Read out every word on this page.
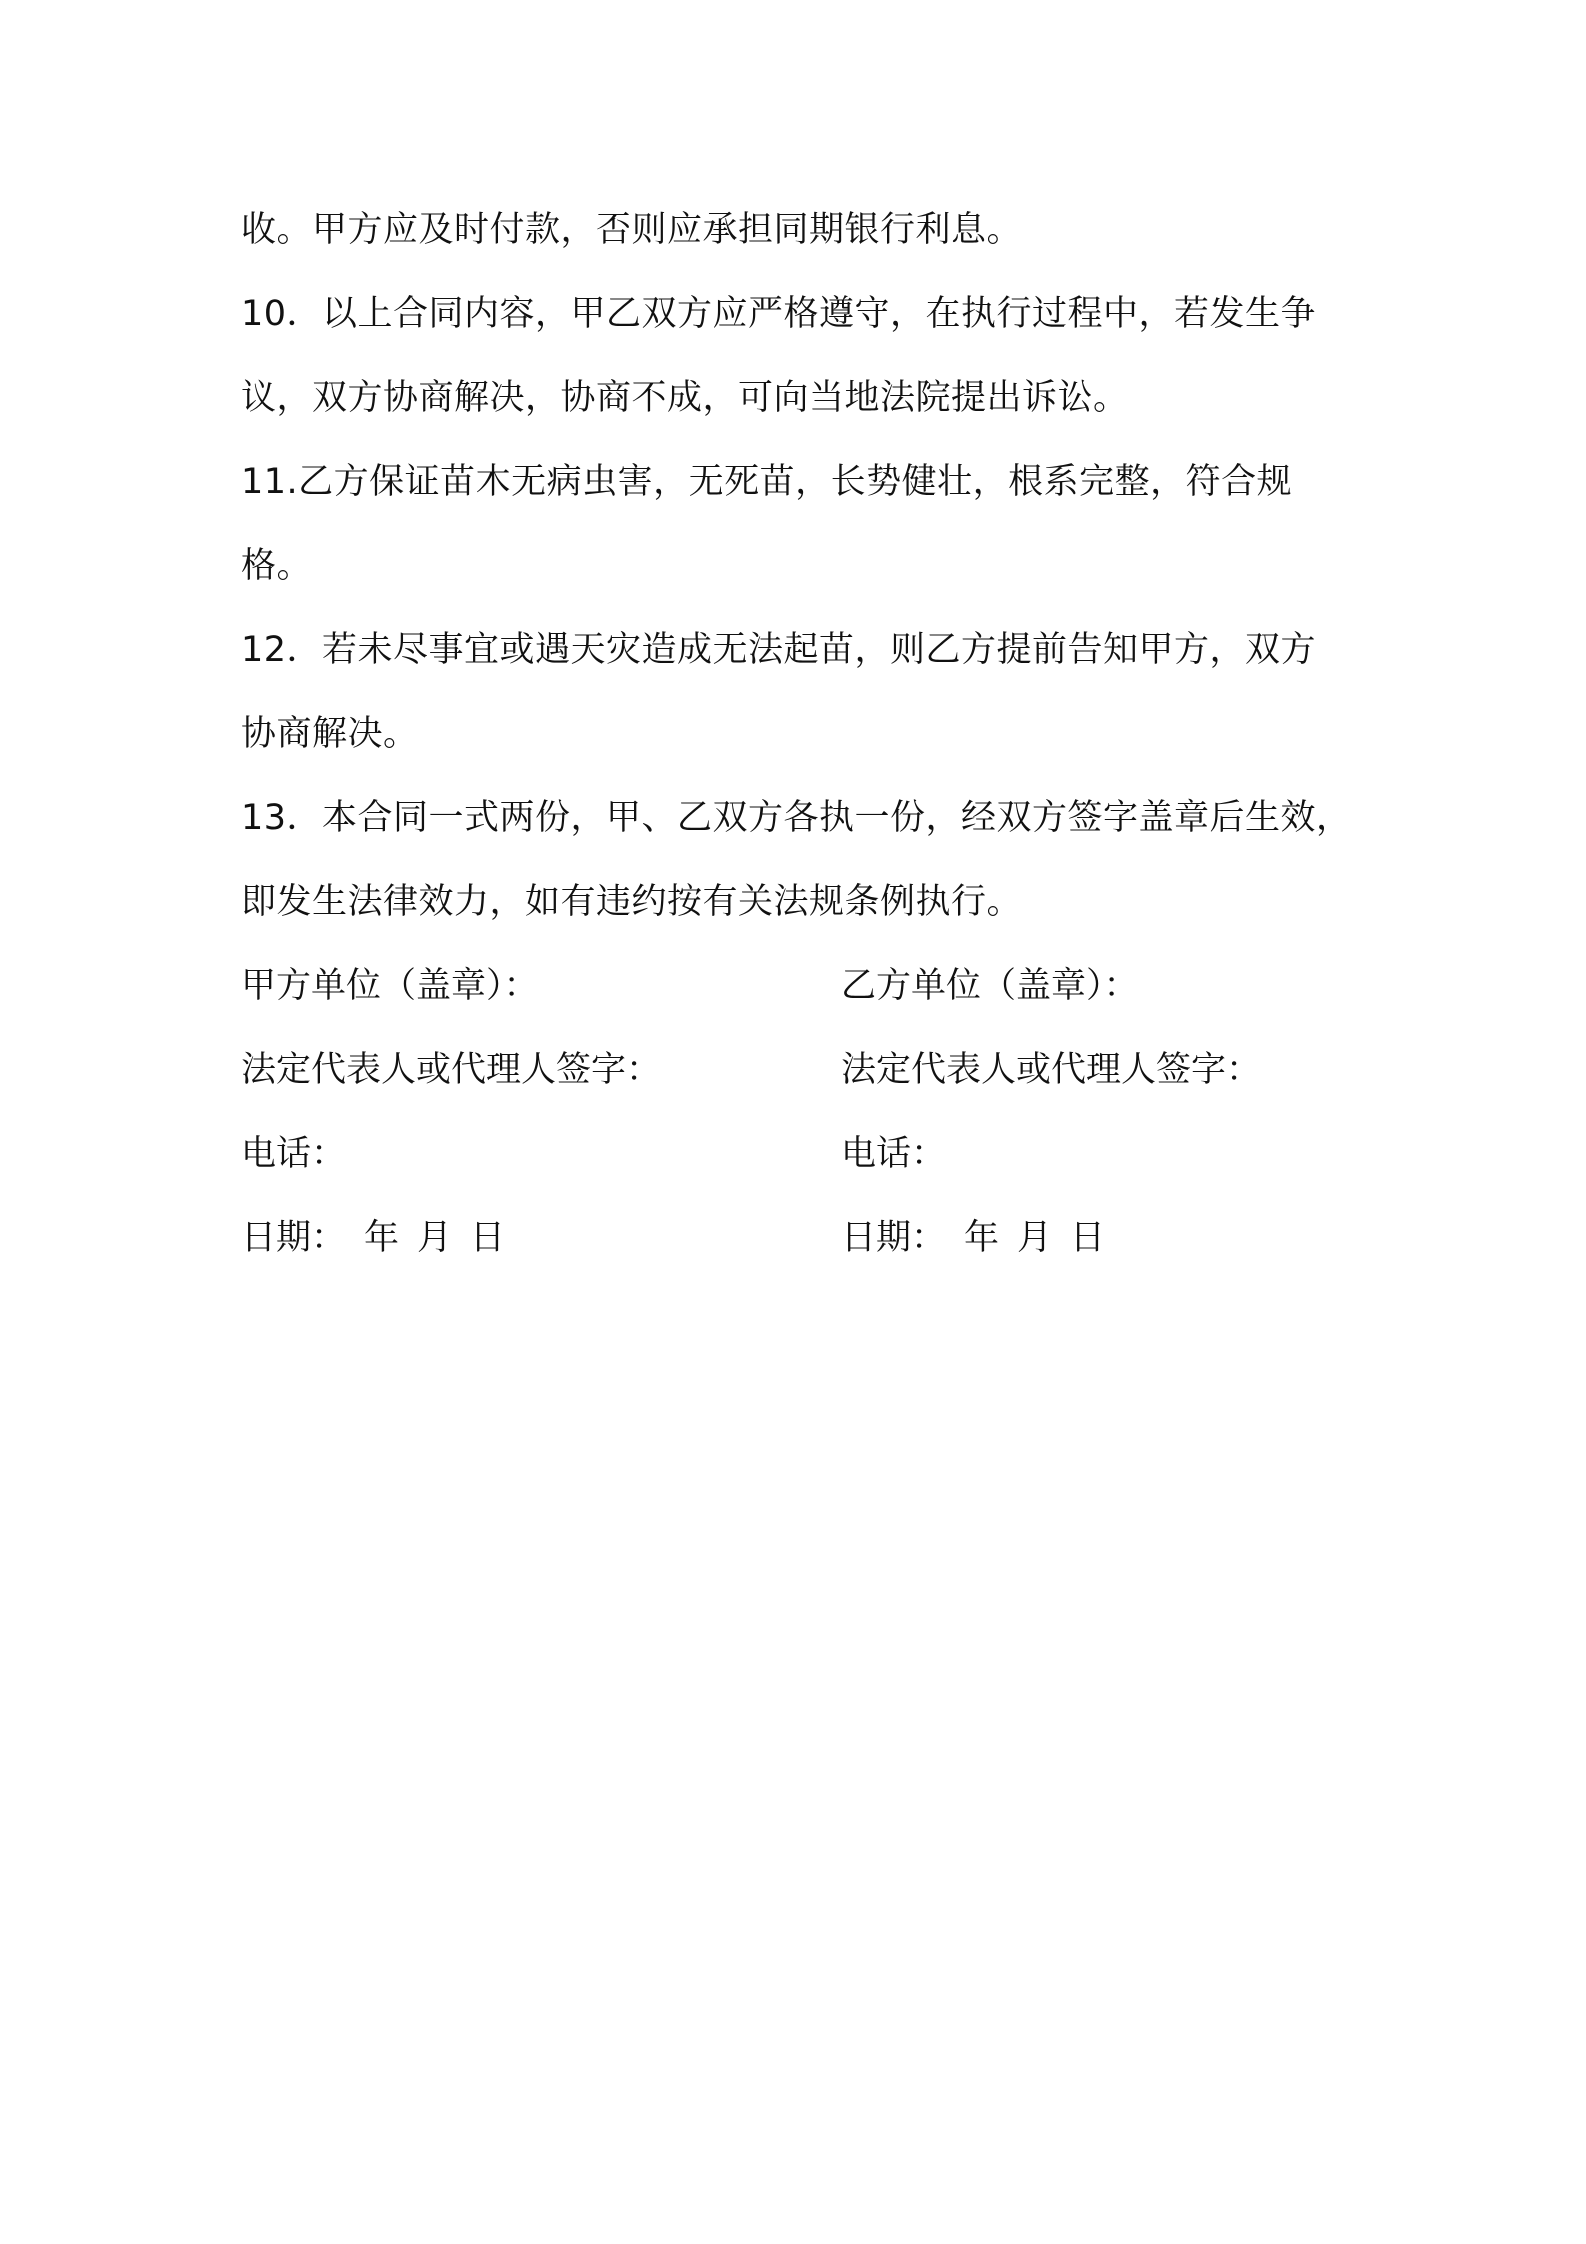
收。甲方应及时付款，否则应承担同期银行利息。
10．以上合同内容，甲乙双方应严格遵守，在执行过程中，若发生争
议，双方协商解决，协商不成，可向当地法院提出诉讼。
11.乙方保证苗木无病虫害，无死苗，长势健壮，根系完整，符合规
格。
12．若未尽事宜或遇天灾造成无法起苗，则乙方提前告知甲方，双方
协商解决。
13．本合同一式两份，甲、乙双方各执一份，经双方签字盖章后生效，
即发生法律效力，如有违约按有关法规条例执行。
甲方单位（盖章）：	乙方单位（盖章）：
法定代表人或代理人签字：	法定代表人或代理人签字：
电话：	电话：
日期： 年 月 日	日期： 年 月 日
